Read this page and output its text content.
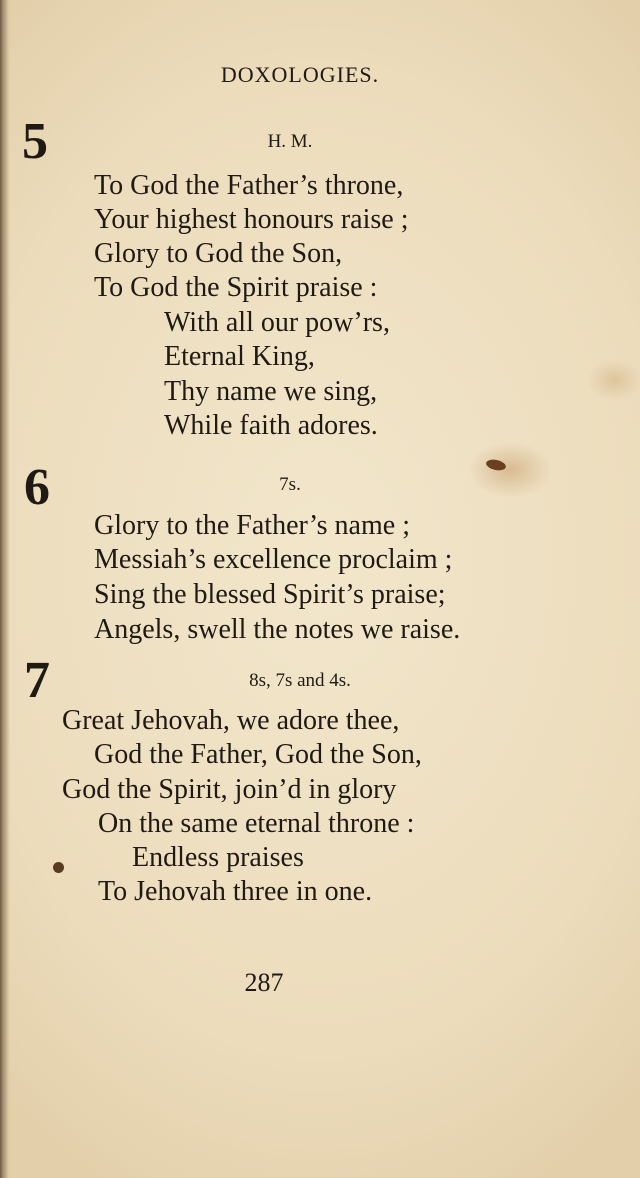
DOXOLOGIES.
5	H. M.
To God the Father’s throne,
Your highest honours raise ;
Glory to God the Son,
To God the Spirit praise :
With all our pow’rs,
Eternal King,
Thy name we sing,
While faith adores.
6	7s.
Glory to the Father’s name ;
Messiah’s excellence proclaim ;
Sing the blessed Spirit’s praise;
Angels, swell the notes we raise.
7	8s, 7s and 4s.
Great Jehovah, we adore thee,
God the Father, God the Son,
God the Spirit, join’d in glory
On the same eternal throne :
Endless praises
To Jehovah three in one.
287
